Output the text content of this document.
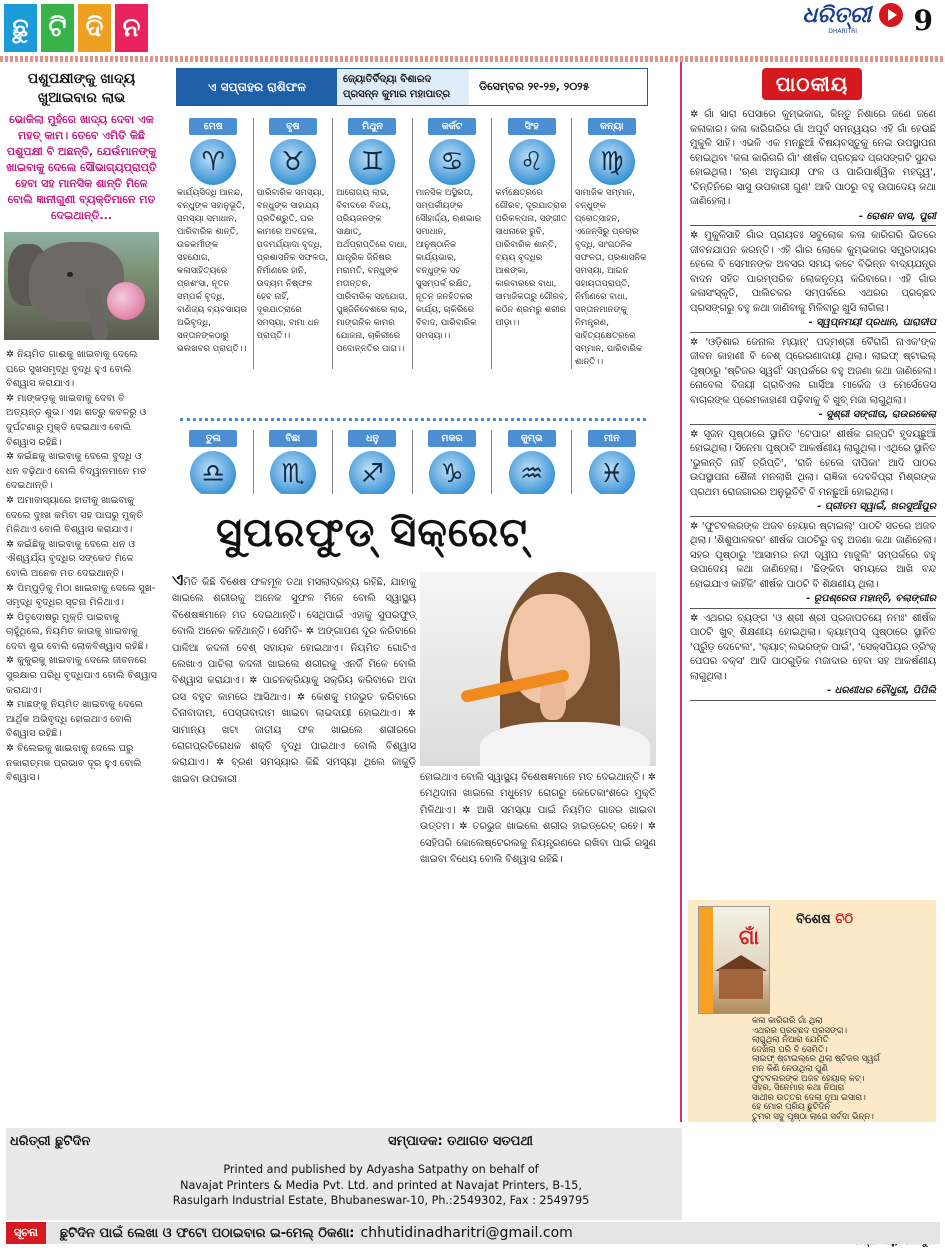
ଛୁ ଟି ଦି ନ	ଧରିତ୍ରୀ
DHARITRI 9
ପଶୁପକ୍ଷୀଙ୍କୁ ଖାଦ୍ୟ ଖୁଆଇବାର ଲାଭ
ଭୋକିଲା ମୁହଁରେ ଖାଦ୍ୟ ଦେବା ଏକ ମହତ୍ କାମ। ତେବେ ଏମିତି କିଛି ପଶୁପକ୍ଷୀ ବି ଅଛନ୍ତି, ଯେଉଁମାନଙ୍କୁ ଖାଇବାକୁ ଦେଲେ ସୌଭାଗ୍ୟପ୍ରାପ୍ତି ହେବା ସହ ମାନସିକ ଶାନ୍ତି ମିଳେ ବୋଲି ଜ୍ଞାନୀଗୁଣୀ ବ୍ୟକ୍ତିମାନେ ମତ ଦେଇଥାନ୍ତି...
✲ ନିୟମିତ ଗାଈକୁ ଖାଇବାକୁ ଦେଲେ ଘରେ ସୁଖସମୃଦ୍ଧି ବୃଦ୍ଧି ହୁଏ ବୋଲି ବିଶ୍ୱାସ କରାଯାଏ।
✲ ମାଙ୍କଡ଼କୁ ଖାଇବାକୁ ଦେବା ବି ଅତ୍ୟନ୍ତ ଶୁଭ। ଏହା ଶତ୍ରୁ କବଳରୁ ଓ ଦୁର୍ଘଟଣାରୁ ମୁକ୍ତି ଦେଇଥାଏ ବୋଲି ବିଶ୍ୱାସ ରହିଛି।
✲ କଇଁଛକୁ ଖାଇବାକୁ ଦେଲେ ବୁଦ୍ଧି ଓ ଧନ ବଢ଼ିଥାଏ ବୋଲି ବିଦ୍ୱାନମାନେ ମତ ଦେଇଥାନ୍ତି।
✲ ଅମାବାସ୍ୟାରେ ହାତୀକୁ ଖାଇବାକୁ ଦେଲେ ଦୁଃଖ କମିବା ସହ ପାପରୁ ମୁକ୍ତି ମିଳିଥାଏ ବୋଲି ବିଶ୍ୱାସ କରାଯାଏ।
✲ କଇଁଛିକୁ ଖାଇବାକୁ ଦେଲେ ଧନ ଓ ଐଶ୍ୱର୍ଯ୍ୟ ବୃଦ୍ଧିର ସଙ୍କେତ ମିଳେ ବୋଲି ଅନେକ ମତ ଦେଇଥାନ୍ତି।
✲ ପିମ୍ପୁଡ଼ିକୁ ମିଠା ଖାଇବାକୁ ଦେଲେ ସୁଖ-ସମୃଦ୍ଧି ବୃଦ୍ଧିର ସୂଚନା ମିଳିଥାଏ।
✲ ପିତୃଦୋଷରୁ ମୁକ୍ତି ପାଇବାକୁ ଚାହୁଁଥିଲେ, ନିୟମିତ କାଉକୁ ଖାଇବାକୁ ଦେବା ଶୁଭ ବୋଲି ଲୋକବିଶ୍ୱାସ ରହିଛି।
✲ କୁକୁରକୁ ଖାଇବାକୁ ଦେଲେ ଜୀବନରେ ସୁରକ୍ଷାର ପରିଧି ବୃଦ୍ଧିପାଏ ବୋଲି ବିଶ୍ୱାସ କରାଯାଏ।
✲ ମାଛଙ୍କୁ ନିୟମିତ ଖାଇବାକୁ ଦେଲେ ଆର୍ଥିକ ଅଭିବୃଦ୍ଧି ହୋଇଥାଏ ବୋଲି ବିଶ୍ୱାସ ରହିଛି।
✲ ବିଲେଇକୁ ଖାଇବାକୁ ଦେଲେ ଘରୁ ନକାରାତ୍ମକ ପ୍ରଭାବ ଦୂର ହୁଏ ବୋଲି ବିଶ୍ୱାସ।
ଏ ସପ୍ତାହର ରାଶିଫଳ	ଜ୍ୟୋତିର୍ବିଦ୍ୟା ବିଶାରଦ
ପ୍ରସନ୍ନ କୁମାର ମହାପାତ୍ର
ଡିସେମ୍ବର ୨୧-୨୭, ୨୦୨୫
ମେଷ
♈
କାର୍ଯ୍ୟସିଦ୍ଧି ଆନନ୍ଦ, ବନ୍ଧୁଙ୍କ ସହାନୁଭୂତି, ସମସ୍ୟା ସମାଧାନ, ପାରିବାରିକ ଶାନ୍ତି, ଉଚ୍ଚକର୍ମୀଙ୍କ ସହଯୋଗ, କଳାସାହିତ୍ୟରେ ପ୍ରଶଂସା, ନୂତନ ସମ୍ପର୍କ ବୃଦ୍ଧି, ବାଣିଜ୍ୟ ବ୍ୟବସାୟର ଅଭିବୃଦ୍ଧି, ସନ୍ତାନଙ୍କଠାରୁ ଭଲଖବର ପ୍ରାପ୍ତି।।
ବୃଷ
♉
ପାରିବାରିକ ସମସ୍ୟା, ବନ୍ଧୁଙ୍କ ସାହାଯ୍ୟ ପ୍ରତିଶ୍ରୁତି, ଘର କାମରେ ଅବହେଳା, ପଦମର୍ଯ୍ୟାଦା ବୃଦ୍ଧି, ପ୍ରଶାସନିକ ସଫଳତା, ନିର୍ମାଣରେ ହାନି, ଉଦ୍ୟମ ନିଷ୍ଫଳ ହେବ ନାହିଁ, ଦୂରଯାତ୍ରାରେ ସମସ୍ୟା, ବାମା ଧନ ପ୍ରାପ୍ତି।।
ମିଥୁନ
♊
ଆରୋଗ୍ୟ ଲାଭ, ବିବାଦରେ ବିଜୟ, ପ୍ରିୟଜନଙ୍କ ସାକ୍ଷାତ୍, ଅର୍ଥପ୍ରାପ୍ତିରେ ବାଧା, ଯାନ୍ତ୍ରିକ ଜିନିଷର ମରାମତି, ବନ୍ଧୁଙ୍କ ମତାନ୍ତର, ପାରିବାରିକ ସହଯୋଗ, ପୁଞ୍ଜିନିବେଶରେ ଲାଭ, ମାଙ୍ଗଳିକ କାମର ଯୋଜନା, ଚାକିରୀରେ ପଦୋନ୍ନତିର ପାଗ।।
କର୍କଟ
♋
ମାନସିକ ଅସ୍ଥିରତା, ସମ୍ପର୍କୀୟଙ୍କ ସୌହାର୍ଦ୍ଦ୍ୟ, ଋଣଭାର ସମାଧାନ, ଆନୁଷ୍ଠାନିକ କାର୍ଯ୍ୟଭାର, ବନ୍ଧୁଙ୍କ ସହ ସୁସମ୍ପର୍କ ରକ୍ଷିତ, ନୂତନ ଜନହିତକର କାର୍ଯ୍ୟ, ଚାକିରିରେ ବିବାଦ, ପାରିବାରିକ ସମସ୍ୟା।।
ସିଂହ
♌
କର୍ମକ୍ଷେତ୍ରରେ ଗୌରବ, ଦୂରଯାତ୍ରାର ପରିକଳ୍ପନା, ସଙ୍ଗୀତ ସାଧନାରେ ରୁଚି, ପାରିବାରିକ ଶାନ୍ତି, ବ୍ୟୟ ବୃଦ୍ଧିର ଆଶଙ୍କା, କାରବାରରେ ବାଧା, ସାମାଜିକତାରୁ ଗୌରବ, କଠିନ ଶ୍ରମରୁ ଶରୀର ପୀଡ଼ା।।
କନ୍ୟା
♍
ସାମାଜିକ ସମ୍ମାନ, ବନ୍ଧୁଙ୍କ ପ୍ରୋତ୍ସାହନ, ଏଜେନ୍ସିରୁ ପ୍ରଚାର ବୃଦ୍ଧି, ସାଂଗଠନିକ ସଫଳତା, ପ୍ରଶାସନିକ ସମସ୍ୟା, ଆଇନ ସହାୟତାପ୍ରାପ୍ତି, ନିର୍ମାଣରେ ବାଧା, ସନ୍ତାନମାନଙ୍କୁ ନିମନ୍ତ୍ରଣ, ସାହିତ୍ୟକ୍ଷେତ୍ରରେ ସମ୍ମାନ, ପାରିବାରିକ ଶାନ୍ତି।।
ତୁଳା
♎
ବିଛା
♏
ଧନୁ
♐
ମକର
♑
କୁମ୍ଭ
♒
ମୀନ
♓
ସୁପରଫୁଡ୍ ସିକ୍ରେଟ୍
ଏମିତି କିଛି ବିଶେଷ ଫଳମୂଳ ତଥା ମସଲାଦ୍ରବ୍ୟ ରହିଛି, ଯାହାକୁ ଖାଇଲେ ଶରୀରକୁ ଅନେକ ସୁଫଳ ମିଳେ ବୋଲି ସ୍ୱାସ୍ଥ୍ୟ ବିଶେଷଜ୍ଞମାନେ ମତ ଦେଇଥାନ୍ତି। ସେଥିପାଇଁ ଏହାକୁ ସୁପରଫୁଡ୍ ବୋଲି ଅନେକ କହିଥାନ୍ତି। ସେମିତି- ✲ ଅଙ୍ଗାପଣ ଦୂର କରିବାରେ ପାଳିଆ କଦଳୀ ବେଶ୍ ସହାୟକ ହୋଇଥାଏ। ନିୟମିତ ଗୋଟିଏ ଲେଖାଏ ପାଚିଲା କଦଳୀ ଖାଇଲେ ଶରୀରକୁ ଏନର୍ଜି ମିଳେ ବୋଲି ବିଶ୍ୱାସ କରାଯାଏ। ✲ ପାଚନକ୍ରିୟାକୁ ସକ୍ରିୟ କରିବାରେ ଅଦା ରସ ବହୁତ କାମରେ ଆସିଥାଏ। ✲ କେଶକୁ ମଜଭୁତ କରିବାରେ ଚିନାବାଦାମ, ପେସ୍ତାବାଦାମ ଖାଇବା ଲାଭଦାୟୀ ହୋଇଥାଏ। ✲ ସାମାନ୍ୟ ଖଟା ଜାତୀୟ ଫଳ ଖାଇଲେ ଶରୀରରେ ରୋଗପ୍ରତିରୋଧକ ଶକ୍ତି ବୃଦ୍ଧି ପାଇଥାଏ ବୋଲି ବିଶ୍ୱାସ କରାଯାଏ। ✲ ବ୍ରଣ ସମସ୍ୟାର କିଛି ସମସ୍ୟା ଥିଲେ କାକୁଡ଼ି ଖାଇବା ଉପକାରୀ	ହୋଇଥାଏ ବୋଲି ସ୍ୱାସ୍ଥ୍ୟ ବିଶେଷଜ୍ଞମାନେ ମତ ଦେଇଥାନ୍ତି। ✲ ମେଥିଦାନା ଖାଇଲେ ମଧୁମେହ ରୋଗରୁ କେତେକାଂଶରେ ମୁକ୍ତି ମିଳିଥାଏ। ✲ ଆଖି ସମସ୍ୟା ପାଇଁ ନିୟମିତ ଗାଜର ଖାଇବା ଉତ୍ତମ। ✲ ତରଭୁଜ ଖାଇଲେ ଶରୀର ହାଇଡ୍ରେଟ୍ ରହେ। ✲ ସେହିପରି କୋଲେଷ୍ଟେରଲକୁ ନିୟନ୍ତ୍ରଣରେ ରଖିବା ପାଇଁ ରସୁଣ ଖାଇବା ବିଧେୟ ବୋଲି ବିଶ୍ୱାସ ରହିଛି।
ପାଠକୀୟ
✲ ଗାଁ ସାରା ପେସାରେ କୁମ୍ଭକାର, କିନ୍ତୁ ନିଶାରେ ଜଣେ ଜଣେ କଳାକାର। କଳା କାରିଗରିର ଗାଁ ଅପୂର୍ବ ସମନ୍ୱୟର ଏହି ଗାଁ ହେଉଛି ମୁକୁଳି ସାହି। ଏଭଳି ଏକ ମନଛୁଆଁ ବିଷୟବସ୍ତୁକୁ ନେଇ ଉପସ୍ଥାପନା ହୋଇଥିବା 'କଳା କାରିଗରି ଗାଁ' ଶୀର୍ଷକ ପ୍ରଚ୍ଛଦ ପ୍ରସଙ୍ଗଟି ସୁନ୍ଦର ହୋଇଥିଲା। 'ଋଣ ଅନୁଯାୟୀ ଫଳ ଓ ପାରିପାର୍ଶ୍ୱିକ ମହତ୍ତ୍ୱ', 'ଚିନ୍ତିନିରେ ସାସୁ ଉପକାରୀ ଗୁଣ' ଆଦି ପାଠରୁ ବହୁ ଉପାଦେୟ କଥା ଜାଣିହେଲା।
- ରୋଶନ ଦାସ, ପୁରୀ
✲ ମୁକୁଳିସାହି ଗାଁର ପ୍ରାୟତଃ ସବୁଲୋକ କଳା କାରିଗରି ଭିତରେ ଜୀବନଯାପନ କରନ୍ତି। ଏହି ଗାଁର ଲୋକେ କୁମ୍ଭକାର ସମ୍ପ୍ରଦାୟର ହେଲେ ବି ସେମାନଙ୍କ ଅବସର ସମୟ କଟେ ବିଭିନ୍ନ ବାଦ୍ୟଯନ୍ତ୍ର ବାଦନ ସହିତ ପାରମ୍ପରିକ ଲୋକନୃତ୍ୟ କରିବାରେ। ଏହି ଗାଁର କଳାସଂସ୍କୃତି, ପାଲିଚକର ସମ୍ପର୍କରେ ଏଥରର ପ୍ରଚ୍ଛଦ ପ୍ରସଙ୍ଗରୁ ବହୁ କଥା ଜାଣିବାକୁ ମିଳିବାରୁ ଖୁସି ଲାଗିଲା।
- ସ୍ୱପ୍ନମୟୀ ପ୍ରଧାନ, ପାରାଦୀପ
✲ 'ଓଡ଼ିଶାର ଜେନାଲ ମ୍ୟାନ୍' ପଦ୍ମଶ୍ରୀ ବୈରାଗି ନାଏକ'ଙ୍କ ଜୀବନ କାହାଣୀ ବି ବେଶ୍ ପ୍ରେରଣାଦାୟୀ ଥିଲା। ଲାଇଫ୍ ଷ୍ଟାଇଲ୍ ପୃଷ୍ଠାରୁ 'ଷ୍ଟିଜର ସ୍ୱର୍ଗ' ସମ୍ପର୍କରେ ବହୁ ଅଜଣା କଥା ଜାଣିହେଲା। ନୋବେଲ ବିଜୟୀ ଗ୍ରାବିଏଲ ଗାର୍ସିଆ ମାର୍କେଜ ଓ ମେର୍ସେଡେସ ବାଚାରଙ୍କ ପ୍ରେମକାହାଣୀ ପଢ଼ିବାକୁ ବି ଖୁବ୍ ମଜା ଲାଗୁଥିଲା।
- ସୁଶ୍ରୀ ସଙ୍ଗୀତା, ରାଉରକେଲା
✲ ସୃଜନ ପୃଷ୍ଠାରେ ସ୍ଥାନିତ 'ଟେପାର' ଶୀର୍ଷକ ଗଳ୍ପଟି ହୃଦୟଛୁଆଁ ହୋଇଥିଲା। ସିନେମା ପୃଷ୍ଠାଟି ଆକର୍ଷଣୀୟ ଲାଗୁଥିଲା। ଏଥିରେ ସ୍ଥାନିତ 'ଭୁଲନ୍ତି ନାହିଁ ତ୍ରିପ୍ତି', 'ରାଜି ହେଲେ ଦୀପିକା' ଆଦି ପାଠର ଉପସ୍ଥାପନା ଶୈଳୀ ମନଲାଖି ଥିଲା। ରାଜ୍ଞିକା ଦେବବିପ୍ରା ମିଶ୍ରଙ୍କ ପ୍ରଥମ ରୋଜଗାରର ଅନୁଭୂତିଟି ବି ମନଛୁଆଁ ହୋଇଥିଲା।
- ପ୍ରୀତମ ସ୍ୱାଇଁ, ଖରସୁଆଁପୁର
✲ 'ଫୁଟବଲରଙ୍କ ଅଜବ ହେୟାର ଷ୍ଟାଇଲ୍' ପାଠଟି ସତରେ ଅଜବ ଥିଲା। 'ଶିଶୁପାଳକର' ଶୀର୍ଷକ ପାଠଟିରୁ ବହୁ ଅଜଣା କଥା ଜାଣିହେଲା। ସହର ପୃଷ୍ଠାରୁ 'ଆସାମର ନଦୀ ଦ୍ୱୀପ ମାଜୁଲି' ସମ୍ପର୍କରେ ବହୁ ଉପାଦେୟ କଥା ଜାଣିହେଲା। 'ଛିଙ୍କିବା ସମୟରେ ଆଖି ବନ୍ଦ ହୋଇଯାଏ କାହିଁକି' ଶୀର୍ଷକ ପାଠଟି ବି ଶିକ୍ଷଣୀୟ ଥିଲା।
- ରୂପଶ୍ରେତା ମହାନ୍ତି, ବଲାଙ୍ଗୀର
✲ ଏଥରର ବ୍ୟଙ୍ଗ 'ଓ ଶ୍ରୀ ଶ୍ରୀ ପ୍ରଜାପତୟେ ନମଃ' ଶୀର୍ଷକ ପାଠଟି ଖୁବ୍ ଶିକ୍ଷଣୀୟ ହୋଇଥିଲା। କ୍ୟାମ୍ପସ୍ ପୃଷ୍ଠାରେ ସ୍ଥାନିତ 'ପ୍ରୁଁଡ଼ ଦେଟେଲ', 'କ୍ୟାଟ୍ ଲଭରଙ୍କ ପାଇଁ', 'ସେକ୍ସପିୟର ଡ୍ରିଂକ୍ ପେପର ବକ୍ସ' ଆଦି ପାଠଗୁଡ଼ିକ ମଜାଦାର ହେବା ସହ ଆକର୍ଷଣୀୟ ଲାଗୁଥିଲା।
- ଧରଣୀଧର ଚୌଧୁରୀ, ପିପିଲି
ଗାଁ
ବିଶେଷ ଚିଠି
କଳା କାରିଗରି ଗାଁ ଥିଲା
ଏଥରର ପ୍ରଚ୍ଛଦ ପ୍ରସଙ୍ଗ।
ଲାଗୁଥିଲା ନିଆରା ଯେମିତି
ଦେଖିଲା ପରି ବି ସେମିତି।
ଲାଇଫ୍ ଷ୍ଟାଇଲ୍‌ରେ ଥିଲା ଷ୍ଟିଜର ସ୍ୱର୍ଗ
ମନ କିଣି ନେଉଥିଲା ପୁଣି
ଫୁଟବଲରଙ୍କ ଅଜବ ହେୟାର୍ କଟ୍।
ସହର, ସିନେମାର କଥା ନିଆରା
ସାଥୀର ଉତ୍ତର ଦେଲା ନୂଆ ଇସାରା।
ହେ ମୋର ପ୍ରିୟ ଛୁଟିଦିନ
ତୁମର ସବୁ ପୃଷ୍ଠା ଲାଗେ ସର୍ବଦା ଭିନ୍ନ।
ଧରିତ୍ରୀ ଛୁଟିଦିନ	ସମ୍ପାଦକ: ତଥାଗତ ସତପଥୀ
Printed and published by Adyasha Satpathy on behalf of
Navajat Printers & Media Pvt. Ltd. and printed at Navajat Printers, B-15,
Rasulgarh Industrial Estate, Bhubaneswar-10, Ph.:2549302, Fax : 2549795
ସୂଚନା	ଛୁଟିଦିନ ପାଇଁ ଲେଖା ଓ ଫଟୋ ପଠାଇବାର ଇ-ମେଲ୍ ଠିକଣା: chhutidinadharitri@gmail.com
